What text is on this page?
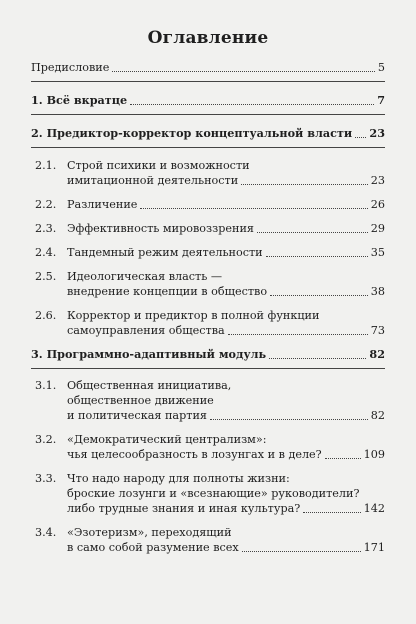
Оглавление
Предисловие	5
1. Всё вкратце	7
2. Предиктор-корректор концептуальной власти 23
2.1. Строй психики и возможности
имитационной деятельности	23
2.2. Различение	26
2.3. Эффективность мировоззрения	29
2.4. Тандемный режим деятельности	35
2.5. Идеологическая власть —
внедрение концепции в общество	38
2.6. Корректор и предиктор в полной функции
самоуправления общества	73
3. Программно-адаптивный модуль	82
3.1. Общественная инициатива,
общественное движение
и политическая партия	82
3.2. «Демократический централизм»:
чья целесообразность в лозунгах и в деле?	109
3.3. Что надо народу для полноты жизни:
броские лозунги и «всезнающие» руководители?
либо трудные знания и иная культура?	142
3.4. «Эзотеризм», переходящий
в само собой разумение всех	171
